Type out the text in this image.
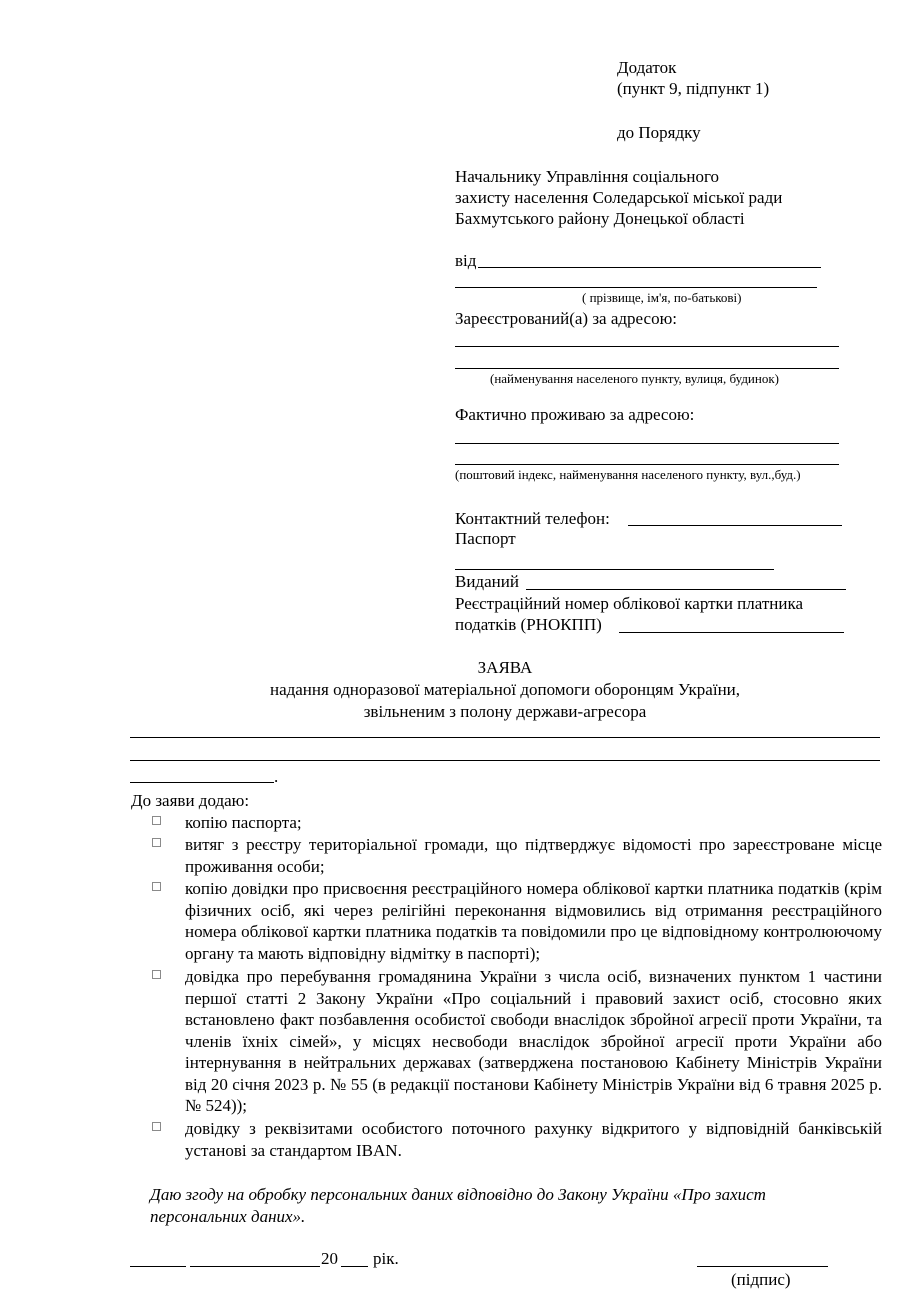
Додаток
(пункт 9, підпункт 1)
до Порядку
Начальнику Управління соціального
захисту населення Соледарської міської ради
Бахмутського району Донецької області
від
( прізвище, ім'я, по-батькові)
Зареєстрований(а) за адресою:
(найменування населеного пункту, вулиця, будинок)
Фактично проживаю за адресою:
(поштовий індекс, найменування населеного пункту, вул.,буд.)
Контактний телефон:
Паспорт
Виданий
Реєстраційний номер облікової картки платника
податків (РНОКПП)
ЗАЯВА
надання одноразової матеріальної допомоги оборонцям України,
звільненим з полону держави-агресора
.
До заяви додаю:
копію паспорта;
витяг з реєстру територіальної громади, що підтверджує відомості про зареєстроване місце проживання особи;
копію довідки про присвоєння реєстраційного номера облікової картки платника податків (крім фізичних осіб, які через релігійні переконання відмовились від отримання реєстраційного номера облікової картки платника податків та повідомили про це відповідному контролюючому органу та мають відповідну відмітку в паспорті);
довідка про перебування громадянина України з числа осіб, визначених пунктом 1 частини першої статті 2 Закону України «Про соціальний і правовий захист осіб, стосовно яких встановлено факт позбавлення особистої свободи внаслідок збройної агресії проти України, та членів їхніх сімей», у місцях несвободи внаслідок збройної агресії проти України або інтернування в нейтральних державах (затверджена постановою Кабінету Міністрів України від 20 січня 2023 р. № 55 (в редакції постанови Кабінету Міністрів України від 6 травня 2025 р. № 524));
довідку з реквізитами особистого поточного рахунку відкритого у відповідній банківській установі за стандартом IBAN.
Даю згоду на обробку персональних даних відповідно до Закону України «Про захист персональних даних».
20 рік.
(підпис)
